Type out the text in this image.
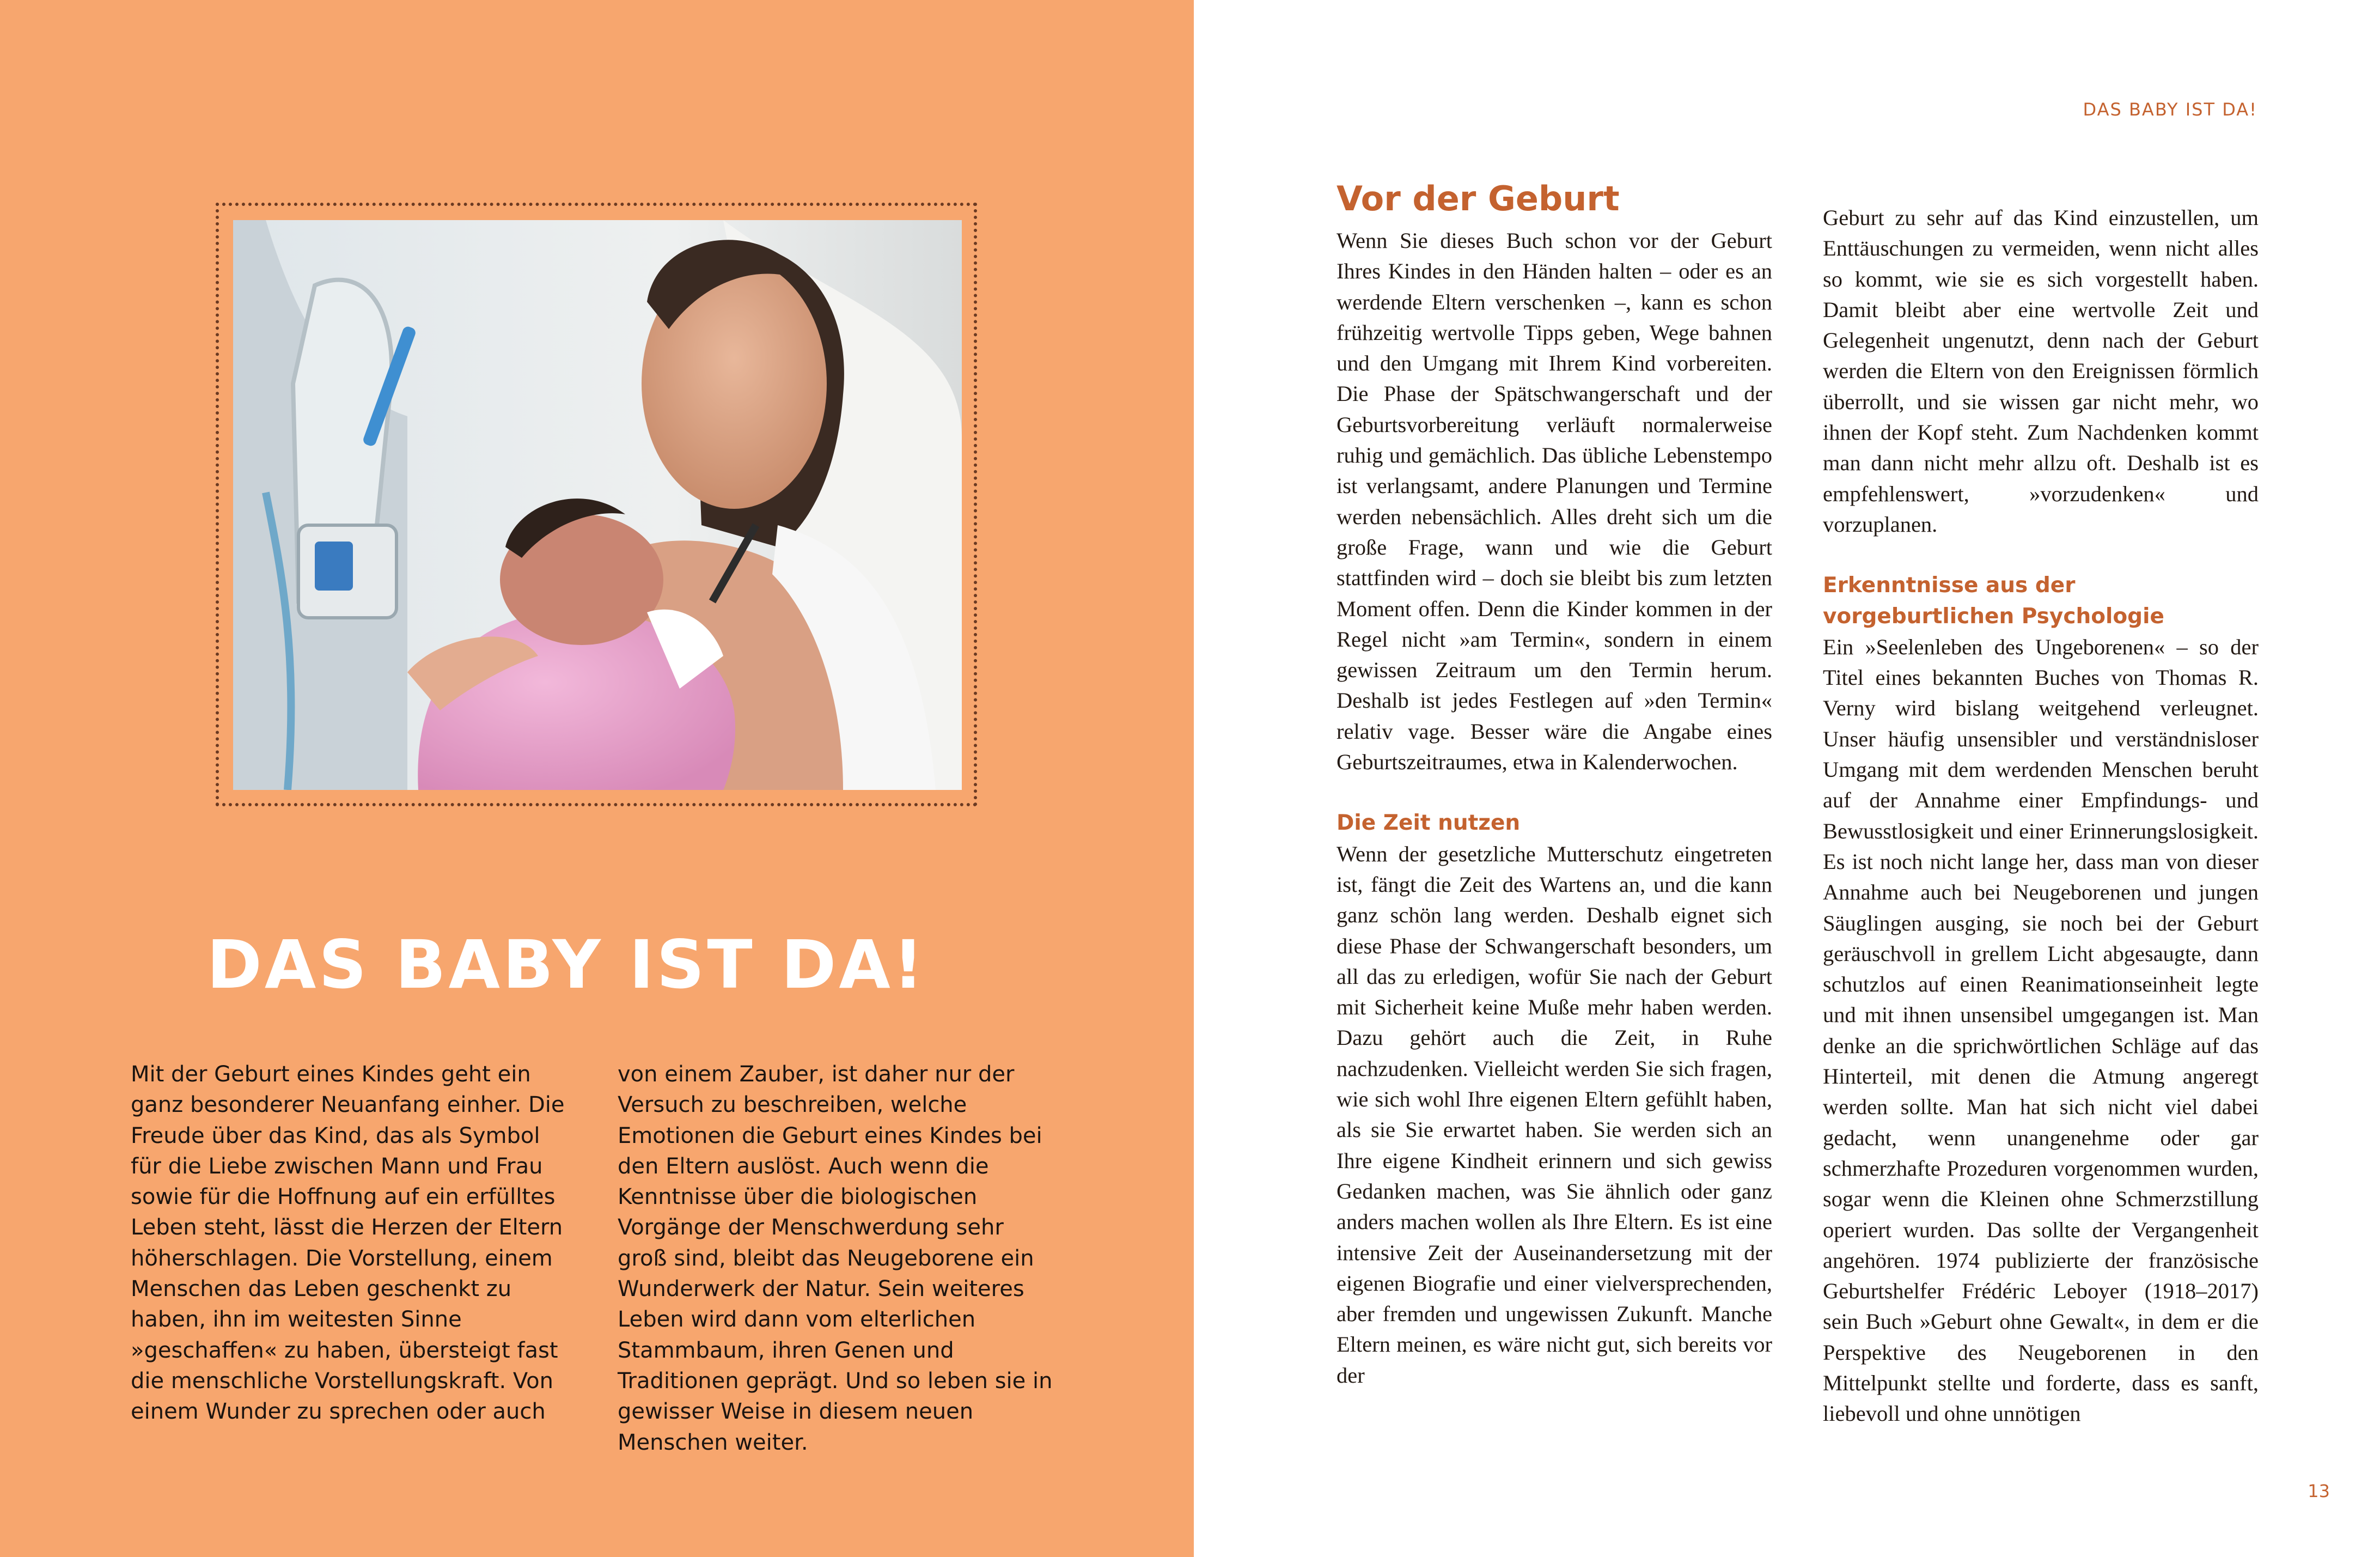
DAS BABY IST DA!

Mit der Geburt eines Kindes geht ein ganz besonderer Neuanfang einher. Die Freude über das Kind, das als Symbol für die Liebe zwischen Mann und Frau sowie für die Hoffnung auf ein erfülltes Leben steht, lässt die Herzen der Eltern höherschlagen. Die Vorstellung, einem Menschen das Leben geschenkt zu haben, ihn im weitesten Sinne »geschaffen« zu haben, übersteigt fast die menschliche Vorstellungskraft. Von einem Wunder zu sprechen oder auch

von einem Zauber, ist daher nur der Versuch zu beschreiben, welche Emotionen die Geburt eines Kindes bei den Eltern auslöst. Auch wenn die Kenntnisse über die biologischen Vorgänge der Menschwerdung sehr groß sind, bleibt das Neugeborene ein Wunderwerk der Natur. Sein weiteres Leben wird dann vom elterlichen Stammbaum, ihren Genen und Traditionen geprägt. Und so leben sie in gewisser Weise in diesem neuen Menschen weiter.

DAS BABY IST DA!
Vor der Geburt

Wenn Sie dieses Buch schon vor der Geburt Ihres Kindes in den Händen halten – oder es an werdende Eltern verschenken –, kann es schon frühzeitig wertvolle Tipps geben, Wege bahnen und den Umgang mit Ihrem Kind vorbereiten. Die Phase der Spätschwangerschaft und der Geburtsvorbereitung verläuft normalerweise ruhig und gemächlich. Das übliche Lebenstempo ist verlangsamt, andere Planungen und Termine werden nebensächlich. Alles dreht sich um die große Frage, wann und wie die Geburt stattfinden wird – doch sie bleibt bis zum letzten Moment offen. Denn die Kinder kommen in der Regel nicht »am Termin«, sondern in einem gewissen Zeitraum um den Termin herum. Deshalb ist jedes Festlegen auf »den Termin« relativ vage. Besser wäre die Angabe eines Geburtszeitraumes, etwa in Kalenderwochen.

Die Zeit nutzen

Wenn der gesetzliche Mutterschutz eingetreten ist, fängt die Zeit des Wartens an, und die kann ganz schön lang werden. Deshalb eignet sich diese Phase der Schwangerschaft besonders, um all das zu erledigen, wofür Sie nach der Geburt mit Sicherheit keine Muße mehr haben werden. Dazu gehört auch die Zeit, in Ruhe nachzudenken. Vielleicht werden Sie sich fragen, wie sich wohl Ihre eigenen Eltern gefühlt haben, als sie Sie erwartet haben. Sie werden sich an Ihre eigene Kindheit erinnern und sich gewiss Gedanken machen, was Sie ähnlich oder ganz anders machen wollen als Ihre Eltern. Es ist eine intensive Zeit der Auseinandersetzung mit der eigenen Biografie und einer vielversprechenden, aber fremden und ungewissen Zukunft. Manche Eltern meinen, es wäre nicht gut, sich bereits vor der

Geburt zu sehr auf das Kind einzustellen, um Enttäuschungen zu vermeiden, wenn nicht alles so kommt, wie sie es sich vorgestellt haben. Damit bleibt aber eine wertvolle Zeit und Gelegenheit ungenutzt, denn nach der Geburt werden die Eltern von den Ereignissen förmlich überrollt, und sie wissen gar nicht mehr, wo ihnen der Kopf steht. Zum Nachdenken kommt man dann nicht mehr allzu oft. Deshalb ist es empfehlenswert, »vorzudenken« und vorzuplanen.

Erkenntnisse aus der vorgeburtlichen Psychologie

Ein »Seelenleben des Ungeborenen« – so der Titel eines bekannten Buches von Thomas R. Verny wird bislang weitgehend verleugnet. Unser häufig unsensibler und verständnisloser Umgang mit dem werdenden Menschen beruht auf der Annahme einer Empfindungs- und Bewusstlosigkeit und einer Erinnerungslosigkeit. Es ist noch nicht lange her, dass man von dieser Annahme auch bei Neugeborenen und jungen Säuglingen ausging, sie noch bei der Geburt geräuschvoll in grellem Licht abgesaugte, dann schutzlos auf einen Reanimationseinheit legte und mit ihnen unsensibel umgegangen ist. Man denke an die sprichwörtlichen Schläge auf das Hinterteil, mit denen die Atmung angeregt werden sollte. Man hat sich nicht viel dabei gedacht, wenn unangenehme oder gar schmerzhafte Prozeduren vorgenommen wurden, sogar wenn die Kleinen ohne Schmerzstillung operiert wurden. Das sollte der Vergangenheit angehören. 1974 publizierte der französische Geburtshelfer Frédéric Leboyer (1918–2017) sein Buch »Geburt ohne Gewalt«, in dem er die Perspektive des Neugeborenen in den Mittelpunkt stellte und forderte, dass es sanft, liebevoll und ohne unnötigen

13
